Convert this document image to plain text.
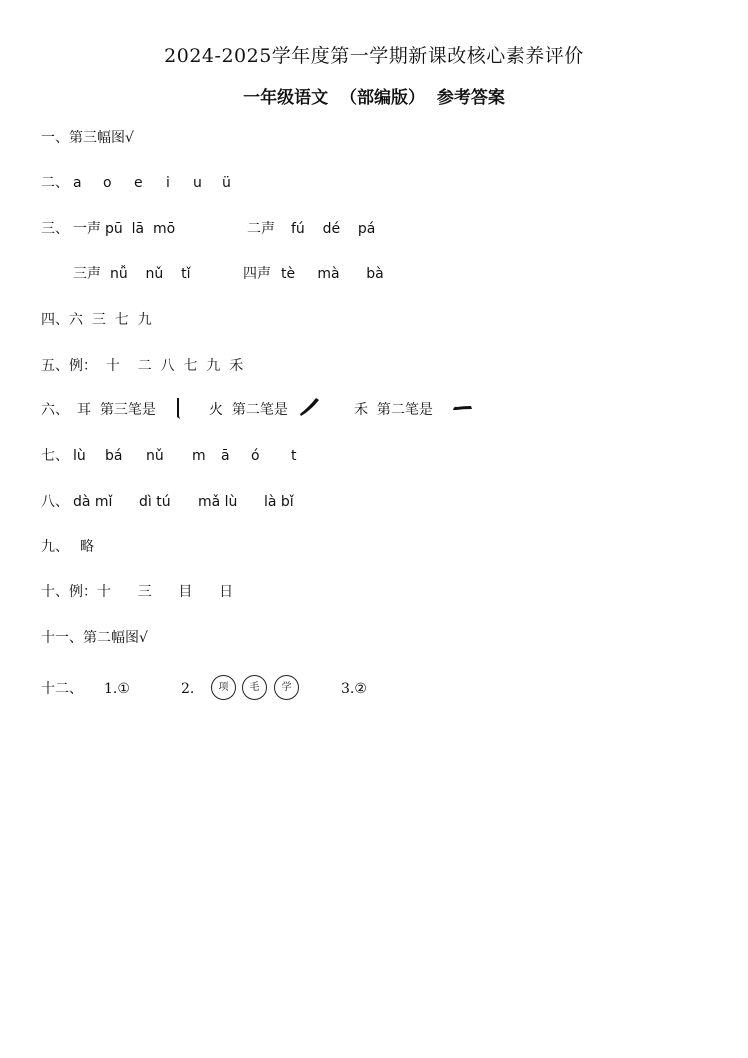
2024-2025学年度第一学期新课改核心素养评价
一年级语文  （部编版）  参考答案
一、第三幅图√
二、 a o e i u ü
三、 一声 pū  lā  mō	二声 fú    dé    pá
三声 nǚ    nǔ    tǐ	四声 tè     mà      bà
四、六  三  七  九
五、例：  十    二  八  七  九  禾
六、 耳  第三笔是	火  第二笔是	禾  第二笔是
七、 lù bá nǔ m ā ó t
八、 dà mǐ dì tú mǎ lù là bǐ
九、 略
十、例：十      三      目      日
十一、第二幅图√
十二、 1.①	2.	项	毛	学	3.②
